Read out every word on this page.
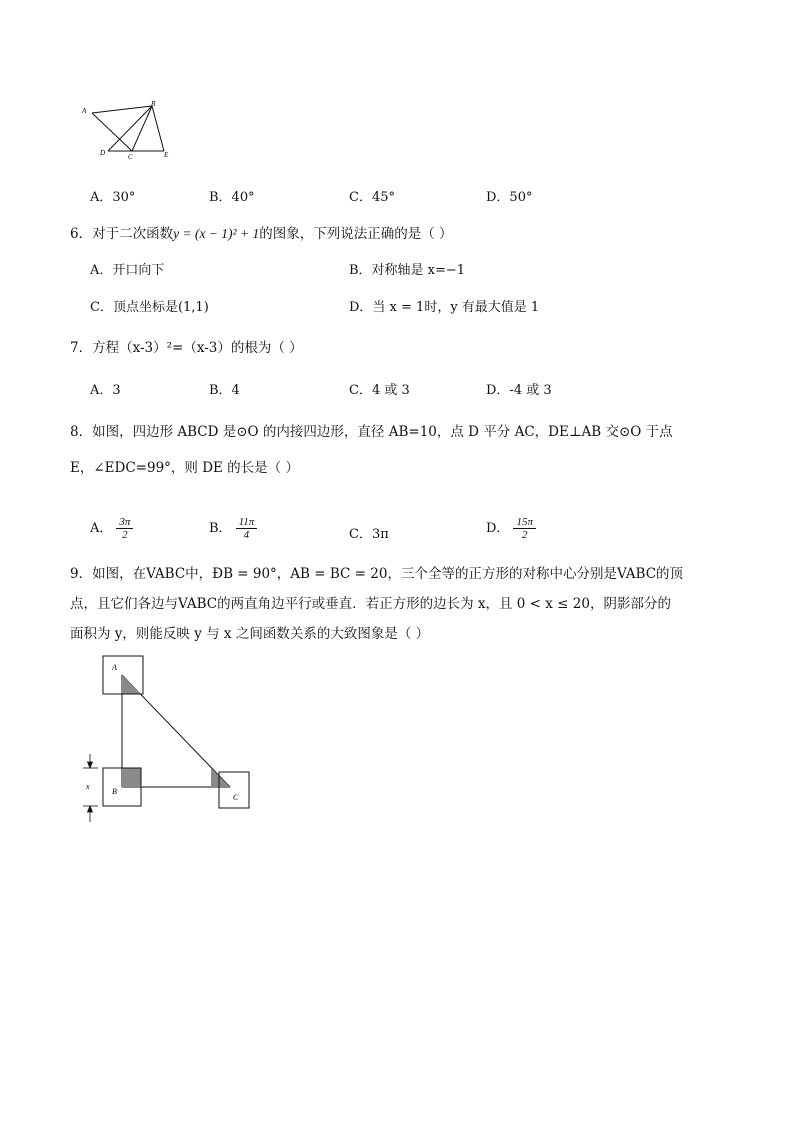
A
B
C
D	E
A．30°	B．40°	C．45°	D．50°
6．对于二次函数y = (x − 1)² + 1的图象，下列说法正确的是（ ）
A．开口向下	B．对称轴是 x=−1
C．顶点坐标是(1,1)	D．当 x = 1时，y 有最大值是 1
7．方程（x-3）²=（x-3）的根为（ ）
A．3	B．4	C．4 或 3	D．-4 或 3
8．如图，四边形 ABCD 是⊙O 的内接四边形，直径 AB=10，点 D 平分 AC，DE⊥AB 交⊙O 于点
E，∠EDC=99°，则 DE 的长是（ ）
A． $\frac{3\pi}{2}$	B． $\frac{11\pi}{4}$	C．3π	D． $\frac{15\pi}{2}$
9．如图，在VABC中，ÐB = 90°，AB = BC = 20，三个全等的正方形的对称中心分别是VABC的顶
点，且它们各边与VABC的两直角边平行或垂直．若正方形的边长为 x，且 0 < x ≤ 20，阴影部分的
面积为 y，则能反映 y 与 x 之间函数关系的大致图象是（ ）
A
B
C
x
